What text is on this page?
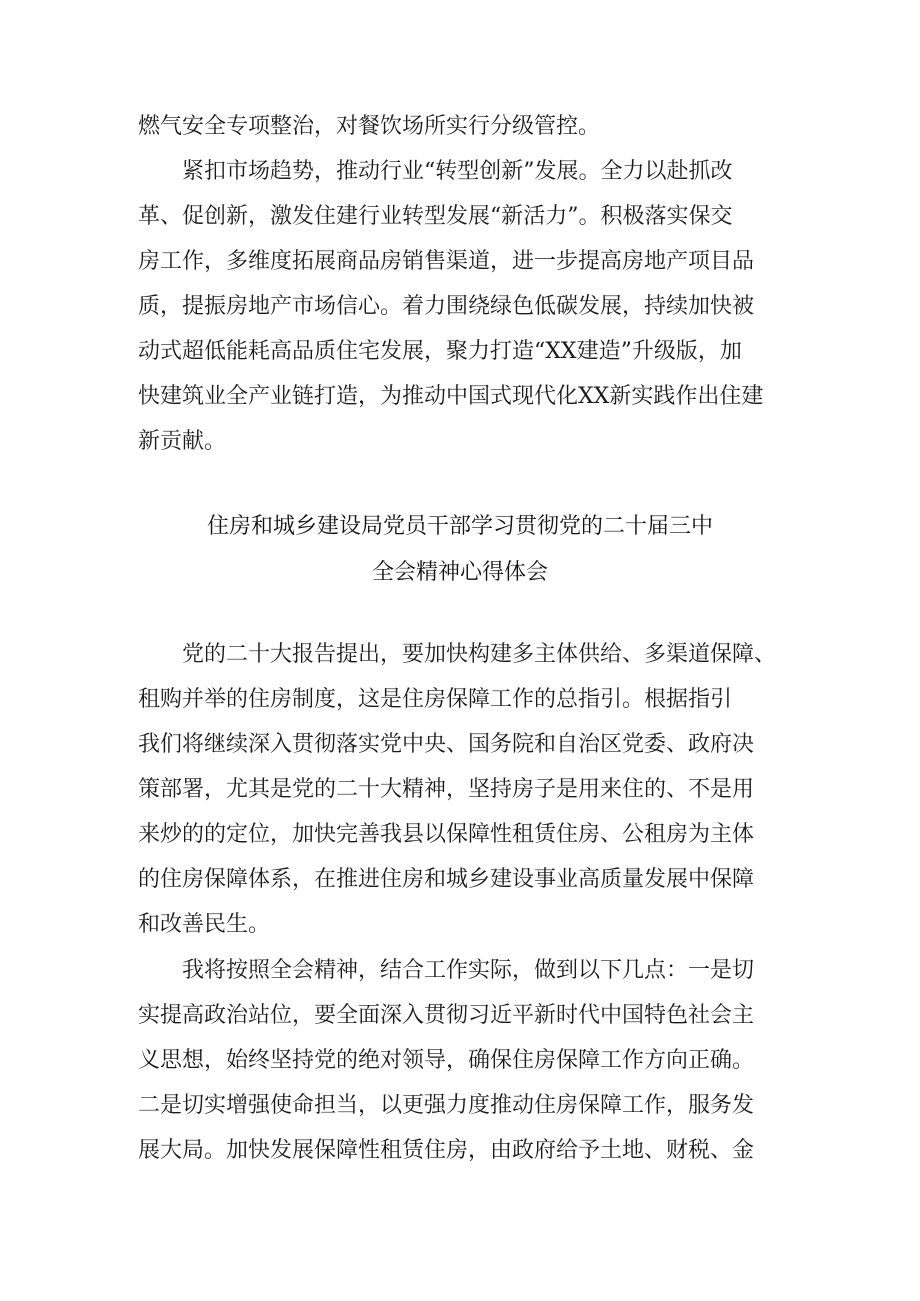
燃气安全专项整治，对餐饮场所实行分级管控。
　　紧扣市场趋势，推动行业“转型创新”发展。全力以赴抓改
革、促创新，激发住建行业转型发展“新活力”。积极落实保交
房工作，多维度拓展商品房销售渠道，进一步提高房地产项目品
质，提振房地产市场信心。着力围绕绿色低碳发展，持续加快被
动式超低能耗高品质住宅发展，聚力打造“XX建造”升级版，加
快建筑业全产业链打造，为推动中国式现代化XX新实践作出住建
新贡献。
住房和城乡建设局党员干部学习贯彻党的二十届三中
全会精神心得体会
　　党的二十大报告提出，要加快构建多主体供给、多渠道保障、
租购并举的住房制度，这是住房保障工作的总指引。根据指引
我们将继续深入贯彻落实党中央、国务院和自治区党委、政府决
策部署，尤其是党的二十大精神，坚持房子是用来住的、不是用
来炒的的定位，加快完善我县以保障性租赁住房、公租房为主体
的住房保障体系，在推进住房和城乡建设事业高质量发展中保障
和改善民生。
　　我将按照全会精神，结合工作实际，做到以下几点：一是切
实提高政治站位，要全面深入贯彻习近平新时代中国特色社会主
义思想，始终坚持党的绝对领导，确保住房保障工作方向正确。
二是切实增强使命担当，以更强力度推动住房保障工作，服务发
展大局。加快发展保障性租赁住房，由政府给予土地、财税、金
